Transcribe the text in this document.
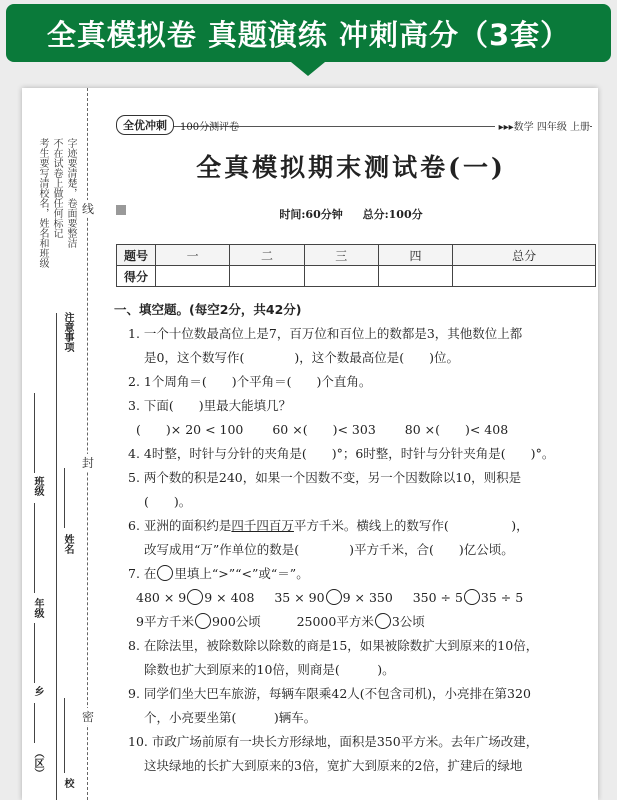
全真模拟卷 真题演练 冲刺高分（3套）
考生要写清校名，姓名和班级 不在试卷上做任何标记 字迹要清楚，卷面要整洁
注意事项
线
封
密
班级
年级
姓名
乡
（区）
校
全优冲刺	100分测评卷	▸▸▸数学 四年级 上册
全真模拟期末测试卷(一)
时间:60分钟 总分:100分
题号	一	二	三	四	总分
得分					
一、填空题。(每空2分，共42分)
1. 一个十位数最高位上是7，百万位和百位上的数都是3，其他数位上都
是0，这个数写作(　　　　)，这个数最高位是(　　)位。
2. 1个周角＝(　　)个平角＝(　　)个直角。
3. 下面(　　)里最大能填几？
(　　)× 20 < 100　　 60 ×(　　)< 303　　 80 ×(　　)< 408
4. 4时整，时针与分针的夹角是(　　)°；6时整，时针与分针夹角是(　　)°。
5. 两个数的积是240，如果一个因数不变，另一个因数除以10，则积是
(　　)。
6. 亚洲的面积约是四千四百万平方千米。横线上的数写作(　　　　　)，
改写成用“万”作单位的数是(　　　　)平方千米，合(　　)亿公顷。
7. 在 里填上“>”“<”或“＝”。
480 × 9 9 × 408 35 × 90 9 × 350 350 ÷ 5 35 ÷ 5
9平方千米 900公顷	25000平方米 3公顷
8. 在除法里，被除数除以除数的商是15，如果被除数扩大到原来的10倍，
除数也扩大到原来的10倍，则商是(　　　)。
9. 同学们坐大巴车旅游，每辆车限乘42人(不包含司机)，小亮排在第320
个，小亮要坐第(　　　)辆车。
10. 市政广场前原有一块长方形绿地，面积是350平方米。去年广场改建，
这块绿地的长扩大到原来的3倍，宽扩大到原来的2倍，扩建后的绿地
